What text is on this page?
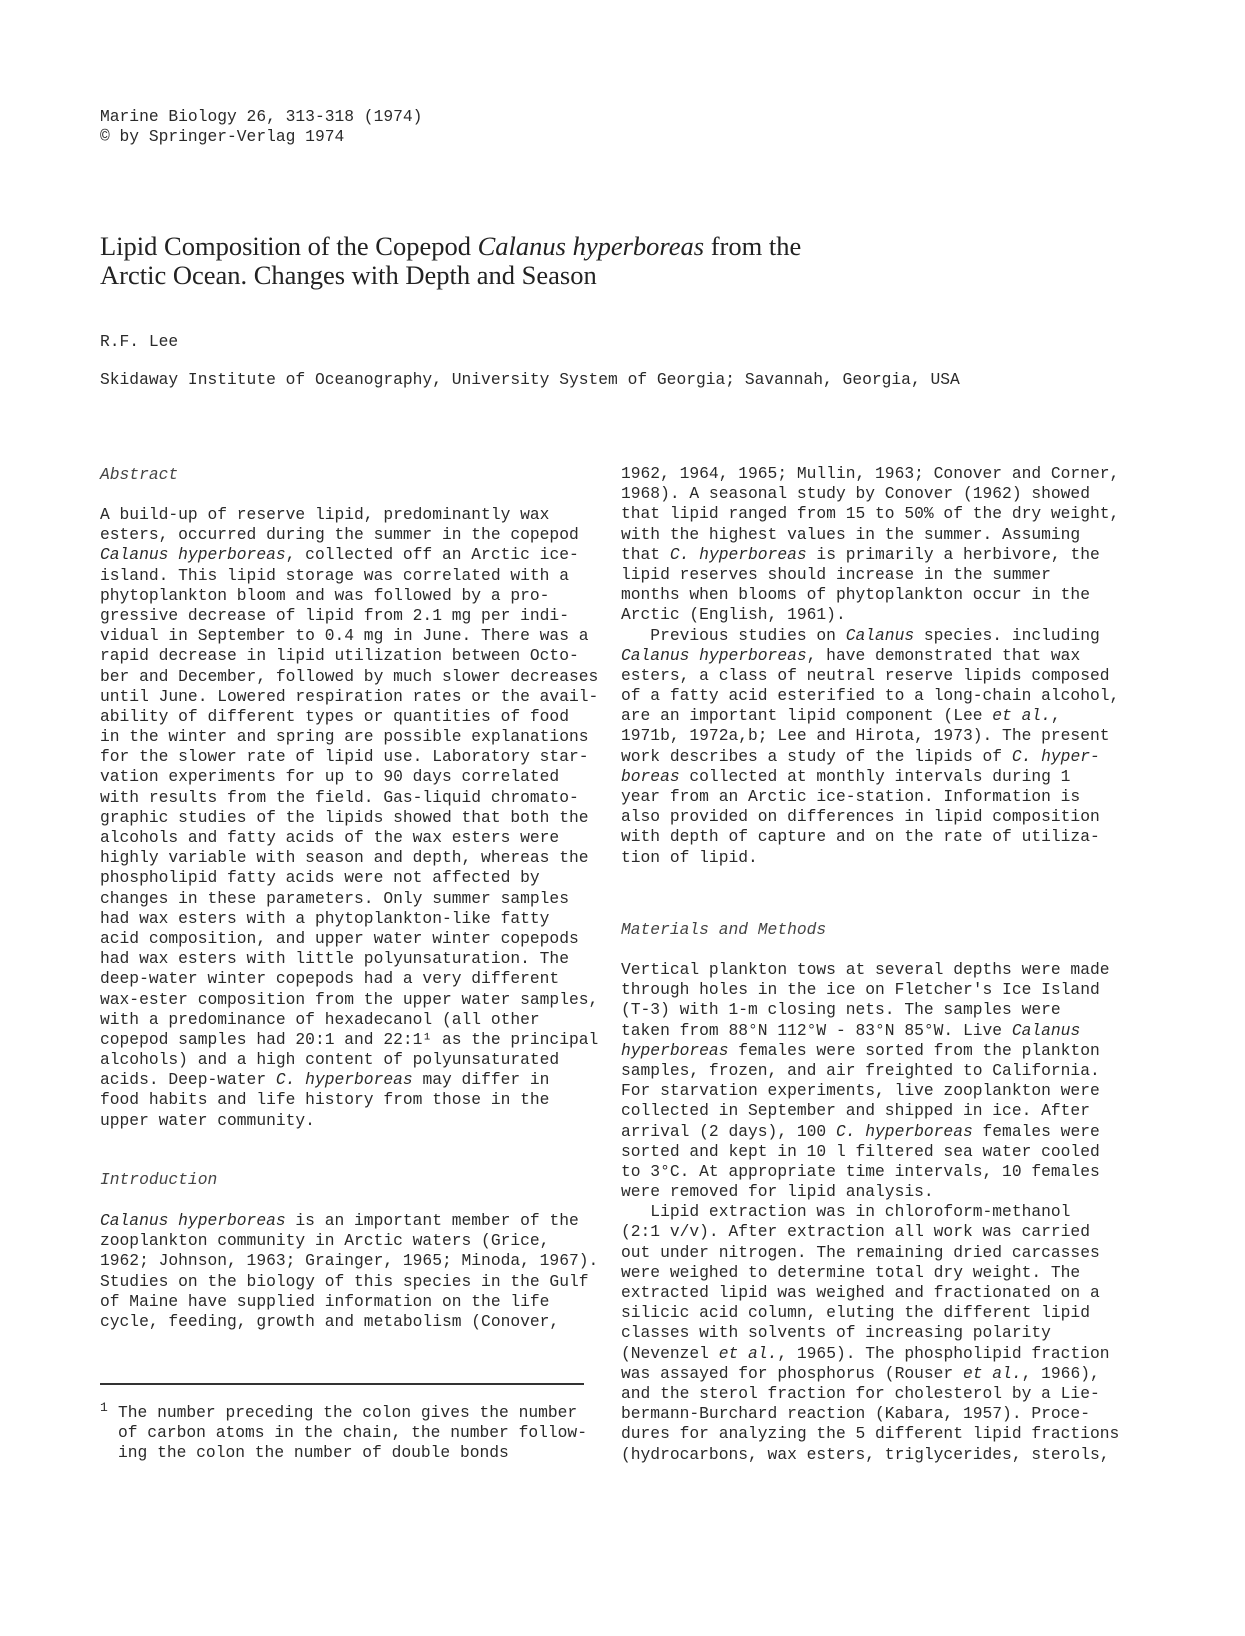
Marine Biology 26, 313-318 (1974)
© by Springer-Verlag 1974
Lipid Composition of the Copepod Calanus hyperboreas from the
Arctic Ocean. Changes with Depth and Season
R.F. Lee
Skidaway Institute of Oceanography, University System of Georgia; Savannah, Georgia, USA
Abstract
A build-up of reserve lipid, predominantly wax
esters, occurred during the summer in the copepod
Calanus hyperboreas, collected off an Arctic ice-
island. This lipid storage was correlated with a
phytoplankton bloom and was followed by a pro-
gressive decrease of lipid from 2.1 mg per indi-
vidual in September to 0.4 mg in June. There was a
rapid decrease in lipid utilization between Octo-
ber and December, followed by much slower decreases
until June. Lowered respiration rates or the avail-
ability of different types or quantities of food
in the winter and spring are possible explanations
for the slower rate of lipid use. Laboratory star-
vation experiments for up to 90 days correlated
with results from the field. Gas-liquid chromato-
graphic studies of the lipids showed that both the
alcohols and fatty acids of the wax esters were
highly variable with season and depth, whereas the
phospholipid fatty acids were not affected by
changes in these parameters. Only summer samples
had wax esters with a phytoplankton-like fatty
acid composition, and upper water winter copepods
had wax esters with little polyunsaturation. The
deep-water winter copepods had a very different
wax-ester composition from the upper water samples,
with a predominance of hexadecanol (all other
copepod samples had 20:1 and 22:1¹ as the principal
alcohols) and a high content of polyunsaturated
acids. Deep-water C. hyperboreas may differ in
food habits and life history from those in the
upper water community.
Introduction
Calanus hyperboreas is an important member of the
zooplankton community in Arctic waters (Grice,
1962; Johnson, 1963; Grainger, 1965; Minoda, 1967).
Studies on the biology of this species in the Gulf
of Maine have supplied information on the life
cycle, feeding, growth and metabolism (Conover,
1 The number preceding the colon gives the number
of carbon atoms in the chain, the number follow-
ing the colon the number of double bonds
1962, 1964, 1965; Mullin, 1963; Conover and Corner,
1968). A seasonal study by Conover (1962) showed
that lipid ranged from 15 to 50% of the dry weight,
with the highest values in the summer. Assuming
that C. hyperboreas is primarily a herbivore, the
lipid reserves should increase in the summer
months when blooms of phytoplankton occur in the
Arctic (English, 1961).
Previous studies on Calanus species. including
Calanus hyperboreas, have demonstrated that wax
esters, a class of neutral reserve lipids composed
of a fatty acid esterified to a long-chain alcohol,
are an important lipid component (Lee et al.,
1971b, 1972a,b; Lee and Hirota, 1973). The present
work describes a study of the lipids of C. hyper-
boreas collected at monthly intervals during 1
year from an Arctic ice-station. Information is
also provided on differences in lipid composition
with depth of capture and on the rate of utiliza-
tion of lipid.
Materials and Methods
Vertical plankton tows at several depths were made
through holes in the ice on Fletcher's Ice Island
(T-3) with 1-m closing nets. The samples were
taken from 88°N 112°W - 83°N 85°W. Live Calanus
hyperboreas females were sorted from the plankton
samples, frozen, and air freighted to California.
For starvation experiments, live zooplankton were
collected in September and shipped in ice. After
arrival (2 days), 100 C. hyperboreas females were
sorted and kept in 10 l filtered sea water cooled
to 3°C. At appropriate time intervals, 10 females
were removed for lipid analysis.
Lipid extraction was in chloroform-methanol
(2:1 v/v). After extraction all work was carried
out under nitrogen. The remaining dried carcasses
were weighed to determine total dry weight. The
extracted lipid was weighed and fractionated on a
silicic acid column, eluting the different lipid
classes with solvents of increasing polarity
(Nevenzel et al., 1965). The phospholipid fraction
was assayed for phosphorus (Rouser et al., 1966),
and the sterol fraction for cholesterol by a Lie-
bermann-Burchard reaction (Kabara, 1957). Proce-
dures for analyzing the 5 different lipid fractions
(hydrocarbons, wax esters, triglycerides, sterols,
